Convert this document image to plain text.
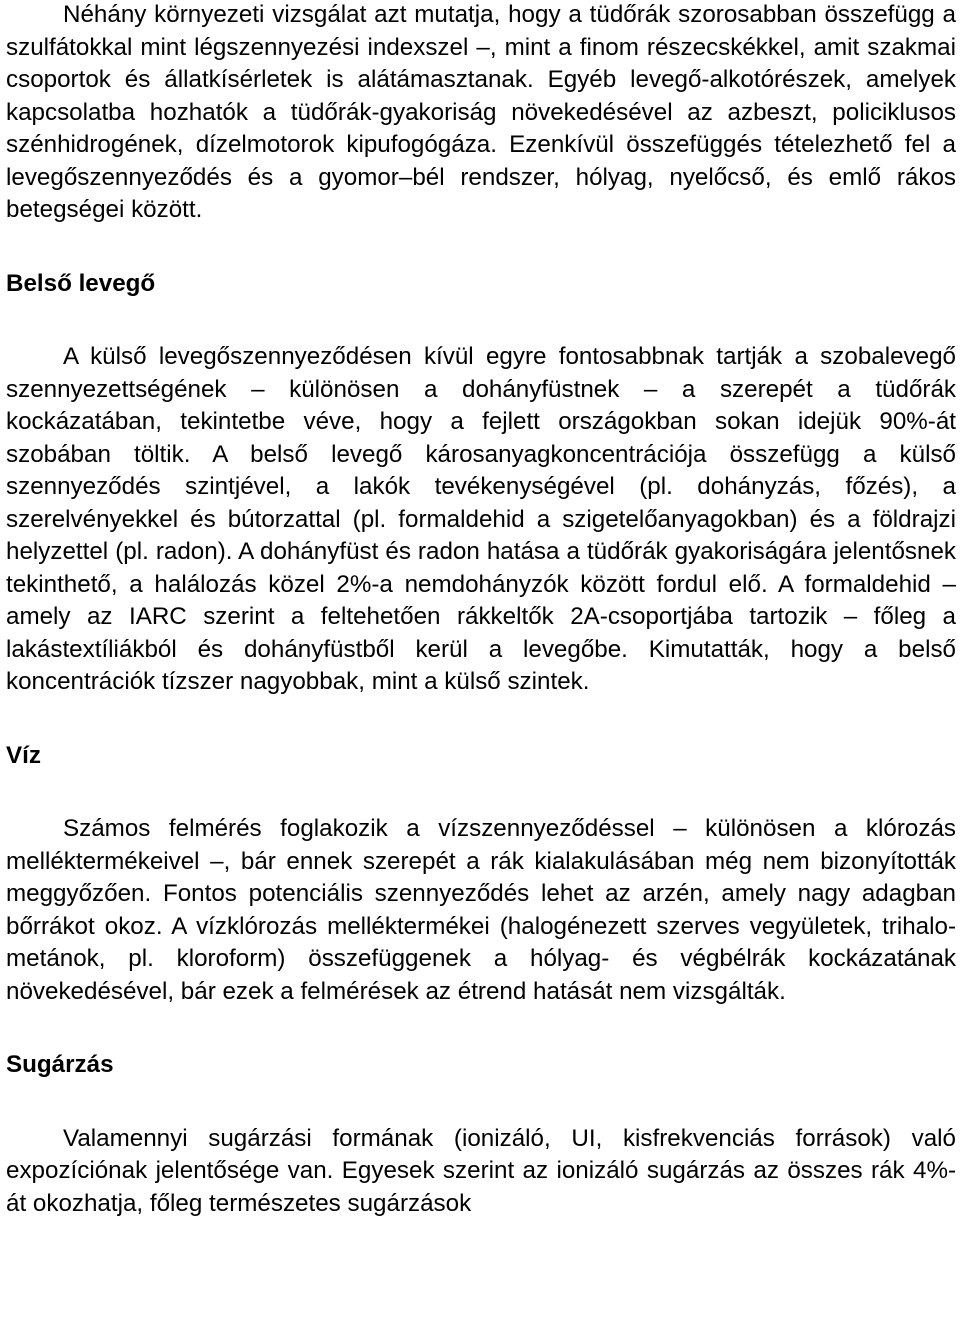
Néhány környezeti vizsgálat azt mutatja, hogy a tüdőrák szorosabban összefügg a szulfátokkal mint légszennyezési indexszel –, mint a finom részecskékkel, amit szakmai csoportok és állatkísérletek is alátámasztanak. Egyéb levegő-alkotórészek, amelyek kapcsolatba hozhatók a tüdőrák-gyakoriság növekedésével az azbeszt, policiklusos szénhidrogének, dízelmotorok kipufogógáza. Ezenkívül összefüggés tételezhető fel a levegőszennyeződés és a gyomor–bél rendszer, hólyag, nyelőcső, és emlő rákos betegségei között.

Belső levegő

A külső levegőszennyeződésen kívül egyre fontosabbnak tartják a szobalevegő szennyezettségének – különösen a dohányfüstnek – a szerepét a tüdőrák kockázatában, tekintetbe véve, hogy a fejlett országokban sokan idejük 90%-át szobában töltik. A belső levegő károsanyagkoncentrációja összefügg a külső szennyeződés szintjével, a lakók tevékenységével (pl. dohányzás, főzés), a szerelvényekkel és bútorzattal (pl. formaldehid a szigetelőanyagokban) és a földrajzi helyzettel (pl. radon). A dohányfüst és radon hatása a tüdőrák gyakoriságára jelentősnek tekinthető, a halálozás közel 2%-a nemdohányzók között fordul elő. A formaldehid – amely az IARC szerint a feltehetően rákkeltők 2A-csoportjába tartozik – főleg a lakástextíliákból és dohányfüstből kerül a levegőbe. Kimutatták, hogy a belső koncentrációk tízszer nagyobbak, mint a külső szintek.

Víz

Számos felmérés foglakozik a vízszennyeződéssel – különösen a klórozás melléktermékeivel –, bár ennek szerepét a rák kialakulásában még nem bizonyították meggyőzően. Fontos potenciális szennyeződés lehet az arzén, amely nagy adagban bőrrákot okoz. A vízklórozás melléktermékei (halogénezett szerves vegyületek, trihalo-metánok, pl. kloroform) összefüggenek a hólyag- és végbélrák kockázatának növekedésével, bár ezek a felmérések az étrend hatását nem vizsgálták.

Sugárzás

Valamennyi sugárzási formának (ionizáló, UI, kisfrekvenciás források) való expozíciónak jelentősége van. Egyesek szerint az ionizáló sugárzás az összes rák 4%-át okozhatja, főleg természetes sugárzások
